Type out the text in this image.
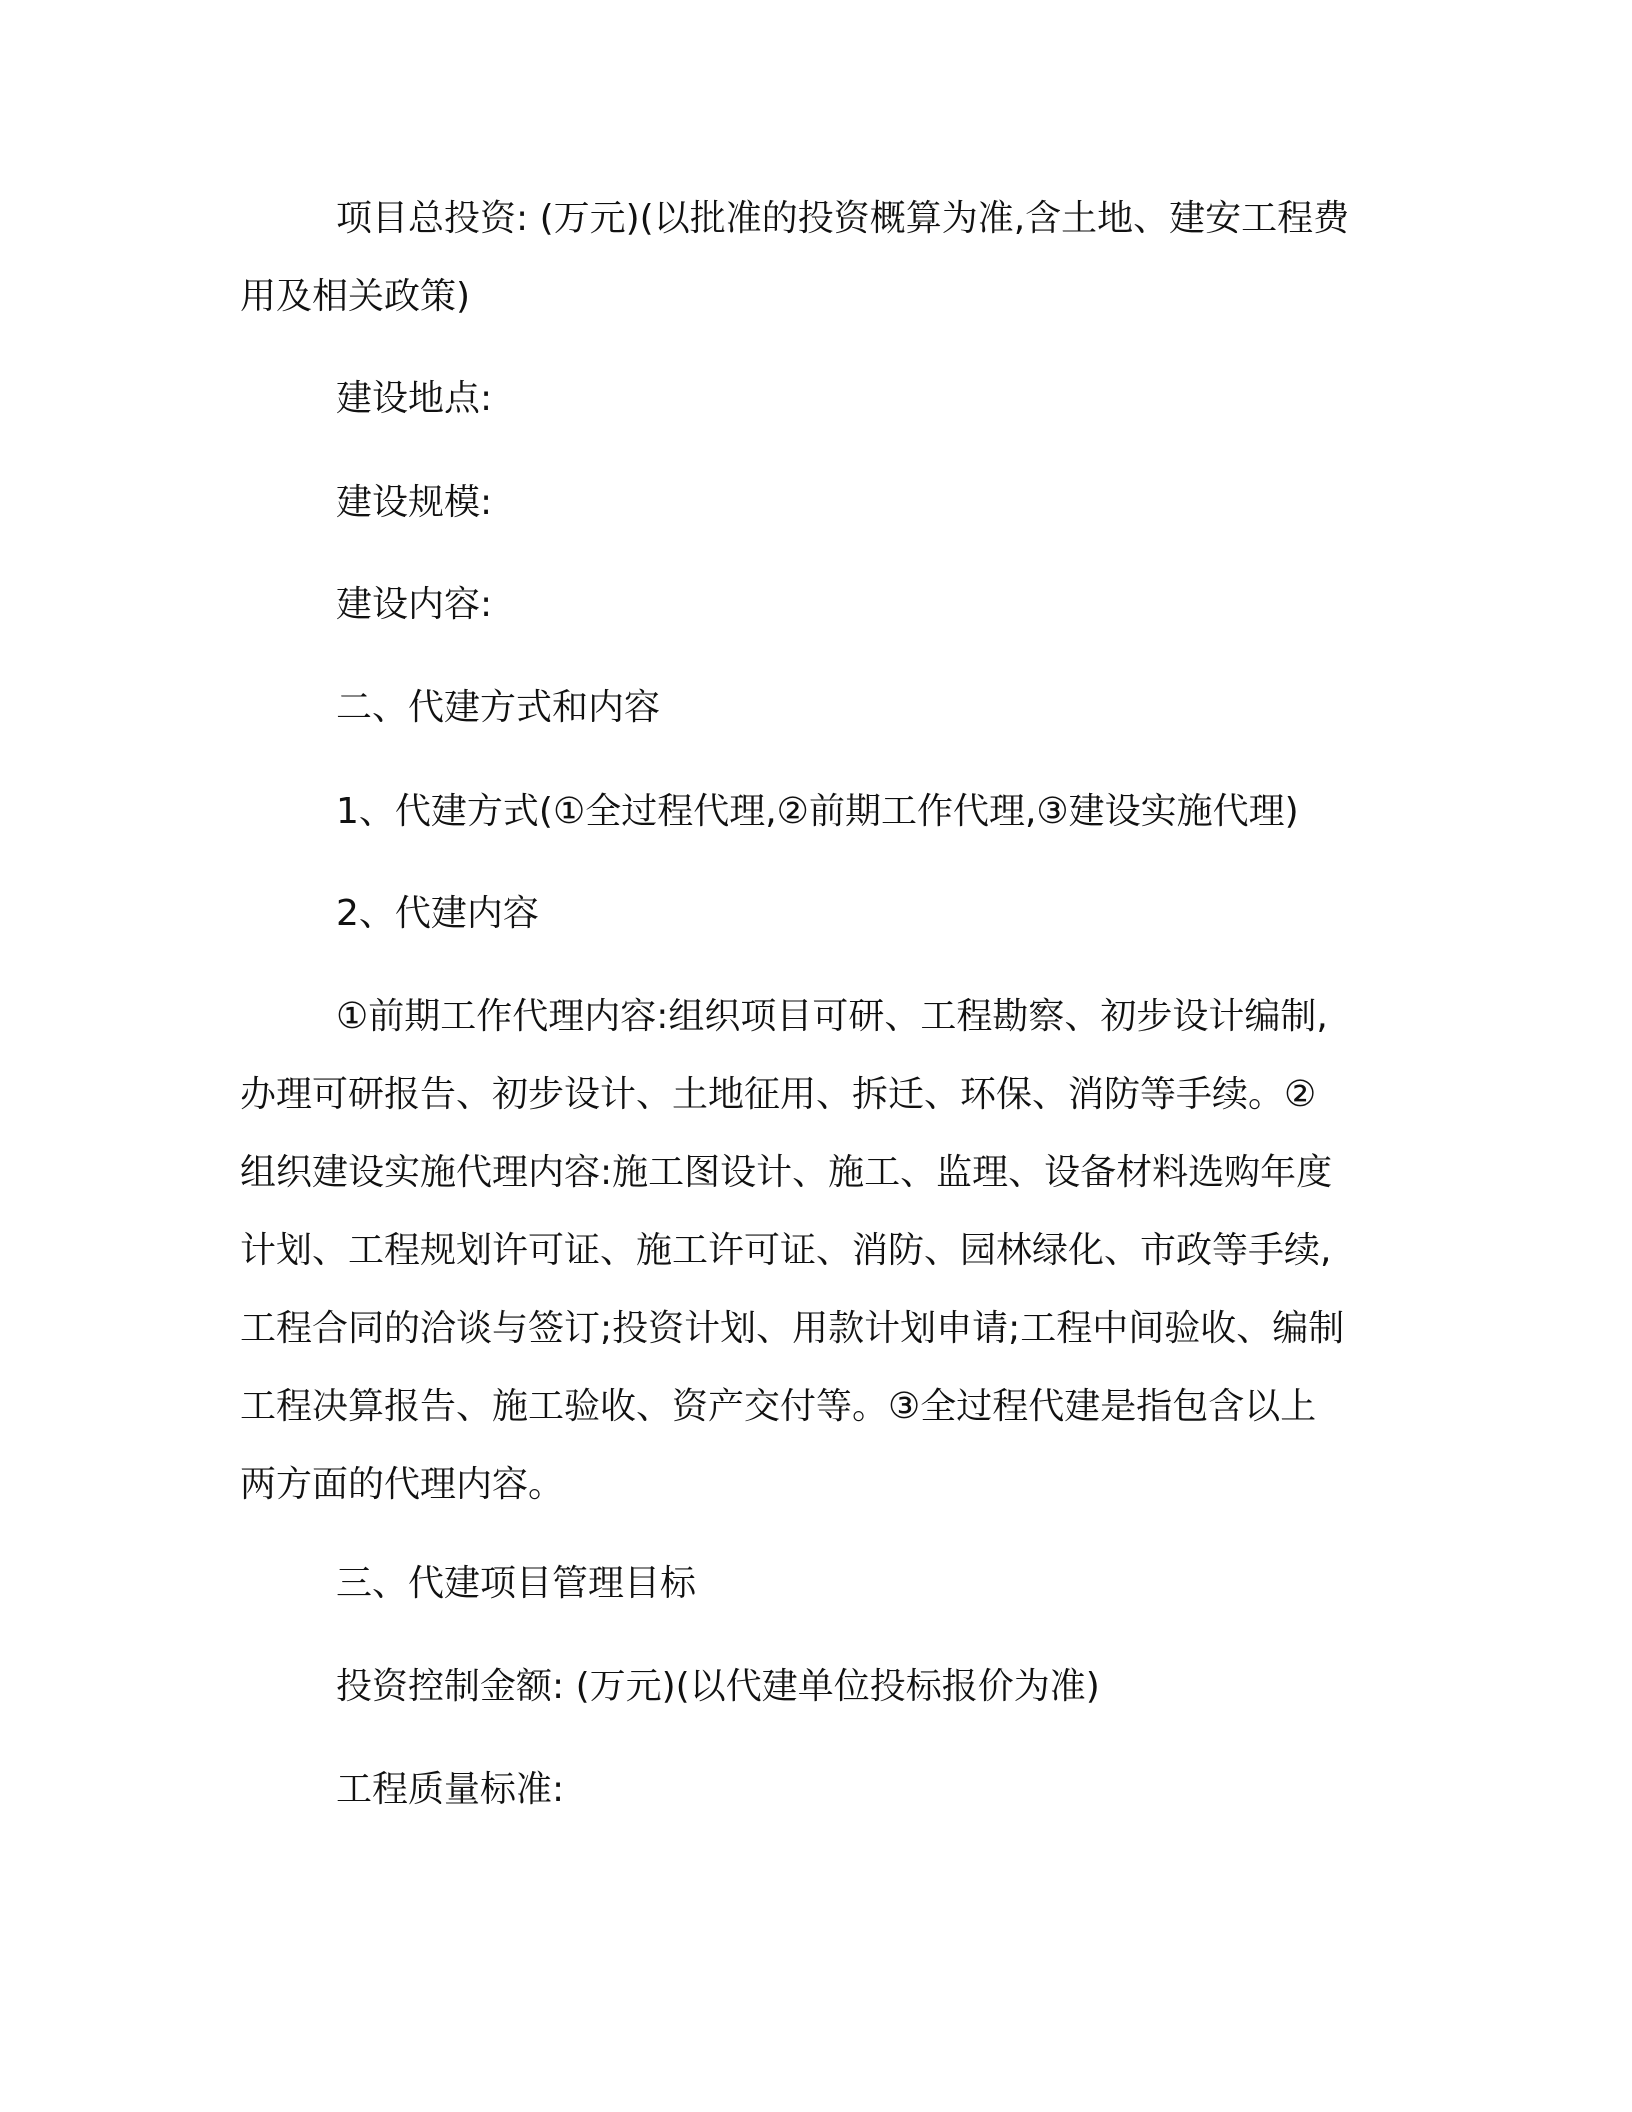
项目总投资: (万元)(以批准的投资概算为准,含土地、建安工程费
用及相关政策)

建设地点:

建设规模:

建设内容:

二、代建方式和内容

1、代建方式(①全过程代理,②前期工作代理,③建设实施代理)

2、代建内容

①前期工作代理内容:组织项目可研、工程勘察、初步设计编制,
办理可研报告、初步设计、土地征用、拆迁、环保、消防等手续。②
组织建设实施代理内容:施工图设计、施工、监理、设备材料选购年度
计划、工程规划许可证、施工许可证、消防、园林绿化、市政等手续,
工程合同的洽谈与签订;投资计划、用款计划申请;工程中间验收、编制
工程决算报告、施工验收、资产交付等。③全过程代建是指包含以上
两方面的代理内容。

三、代建项目管理目标

投资控制金额: (万元)(以代建单位投标报价为准)

工程质量标准:
